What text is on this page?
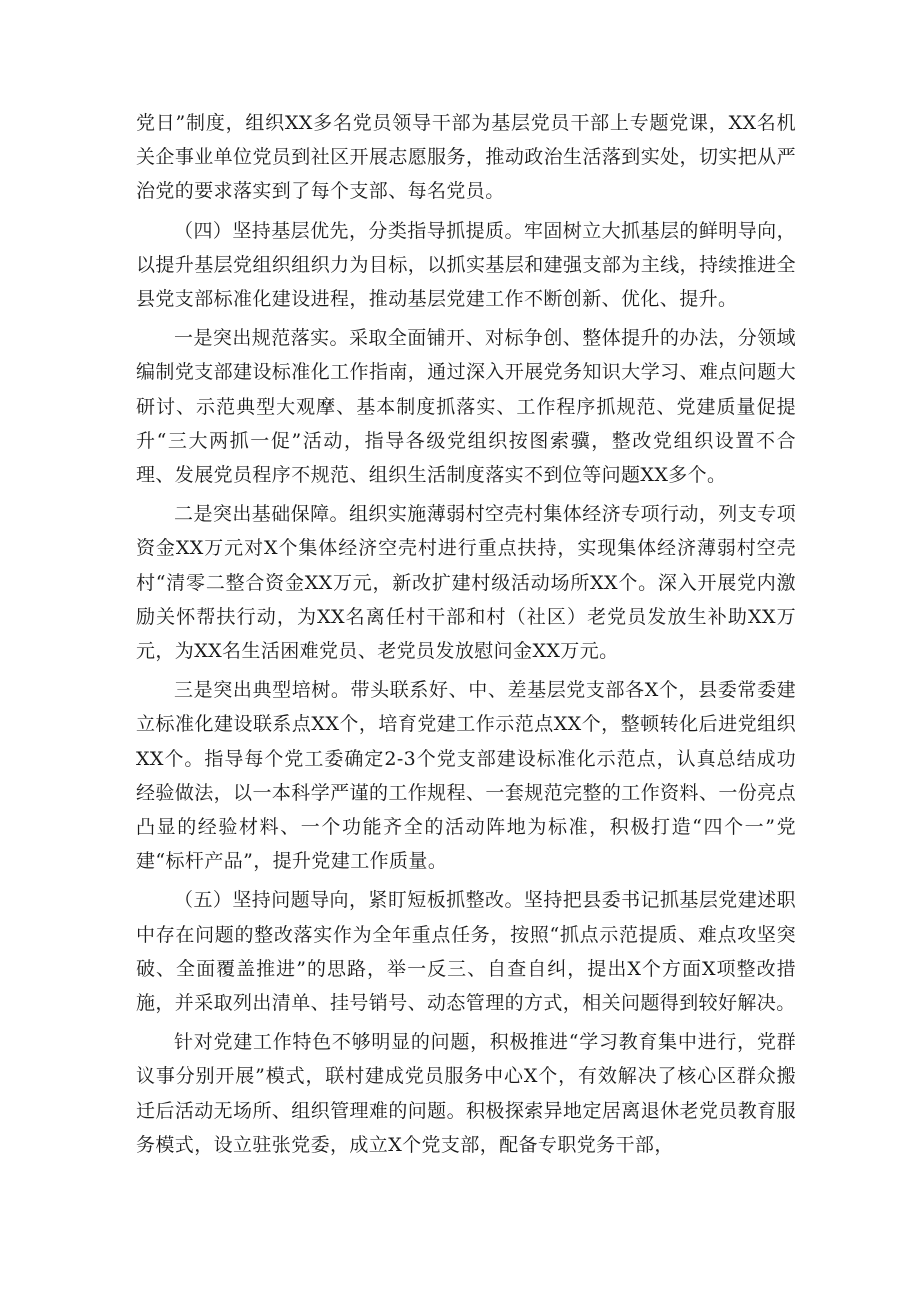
党日”制度，组织XX多名党员领导干部为基层党员干部上专题党课，XX名机关企事业单位党员到社区开展志愿服务，推动政治生活落到实处，切实把从严治党的要求落实到了每个支部、每名党员。

（四）坚持基层优先，分类指导抓提质。牢固树立大抓基层的鲜明导向，以提升基层党组织组织力为目标，以抓实基层和建强支部为主线，持续推进全县党支部标准化建设进程，推动基层党建工作不断创新、优化、提升。

一是突出规范落实。采取全面铺开、对标争创、整体提升的办法，分领域编制党支部建设标准化工作指南，通过深入开展党务知识大学习、难点问题大研讨、示范典型大观摩、基本制度抓落实、工作程序抓规范、党建质量促提升“三大两抓一促”活动，指导各级党组织按图索骥，整改党组织设置不合理、发展党员程序不规范、组织生活制度落实不到位等问题XX多个。

二是突出基础保障。组织实施薄弱村空壳村集体经济专项行动，列支专项资金XX万元对X个集体经济空壳村进行重点扶持，实现集体经济薄弱村空壳村“清零二整合资金XX万元，新改扩建村级活动场所XX个。深入开展党内激励关怀帮扶行动，为XX名离任村干部和村（社区）老党员发放生补助XX万元，为XX名生活困难党员、老党员发放慰问金XX万元。

三是突出典型培树。带头联系好、中、差基层党支部各X个，县委常委建立标准化建设联系点XX个，培育党建工作示范点XX个，整顿转化后进党组织XX个。指导每个党工委确定2-3个党支部建设标准化示范点，认真总结成功经验做法，以一本科学严谨的工作规程、一套规范完整的工作资料、一份亮点凸显的经验材料、一个功能齐全的活动阵地为标准，积极打造“四个一”党建“标杆产品”，提升党建工作质量。

（五）坚持问题导向，紧盯短板抓整改。坚持把县委书记抓基层党建述职中存在问题的整改落实作为全年重点任务，按照“抓点示范提质、难点攻坚突破、全面覆盖推进”的思路，举一反三、自查自纠，提出X个方面X项整改措施，并采取列出清单、挂号销号、动态管理的方式，相关问题得到较好解决。

针对党建工作特色不够明显的问题，积极推进“学习教育集中进行，党群议事分别开展”模式，联村建成党员服务中心X个，有效解决了核心区群众搬迁后活动无场所、组织管理难的问题。积极探索异地定居离退休老党员教育服务模式，设立驻张党委，成立X个党支部，配备专职党务干部，
